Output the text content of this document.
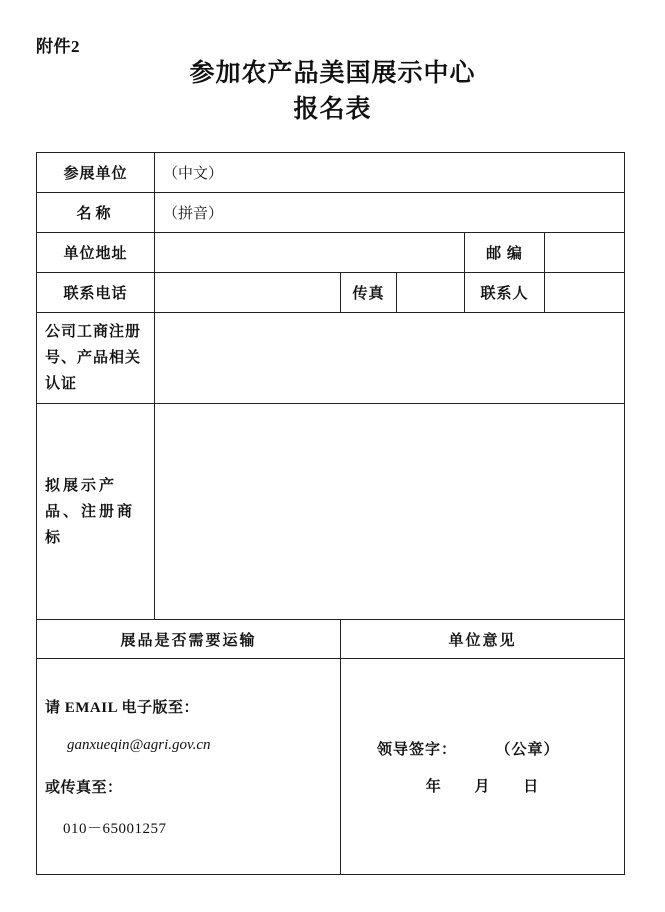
附件2
参加农产品美国展示中心
报名表
参展单位	（中文）				
名称	（拼音）				
单位地址				邮 编	
联系电话		传真		联系人	
公司工商注册号、产品相关认证					
拟展示产品、注册商标					
展品是否需要运输		单位意见			

请 EMAIL 电子版至：

ganxueqin@agri.gov.cn

或传真至：

010－65001257

领导签字：	（公章）
年 月 日
